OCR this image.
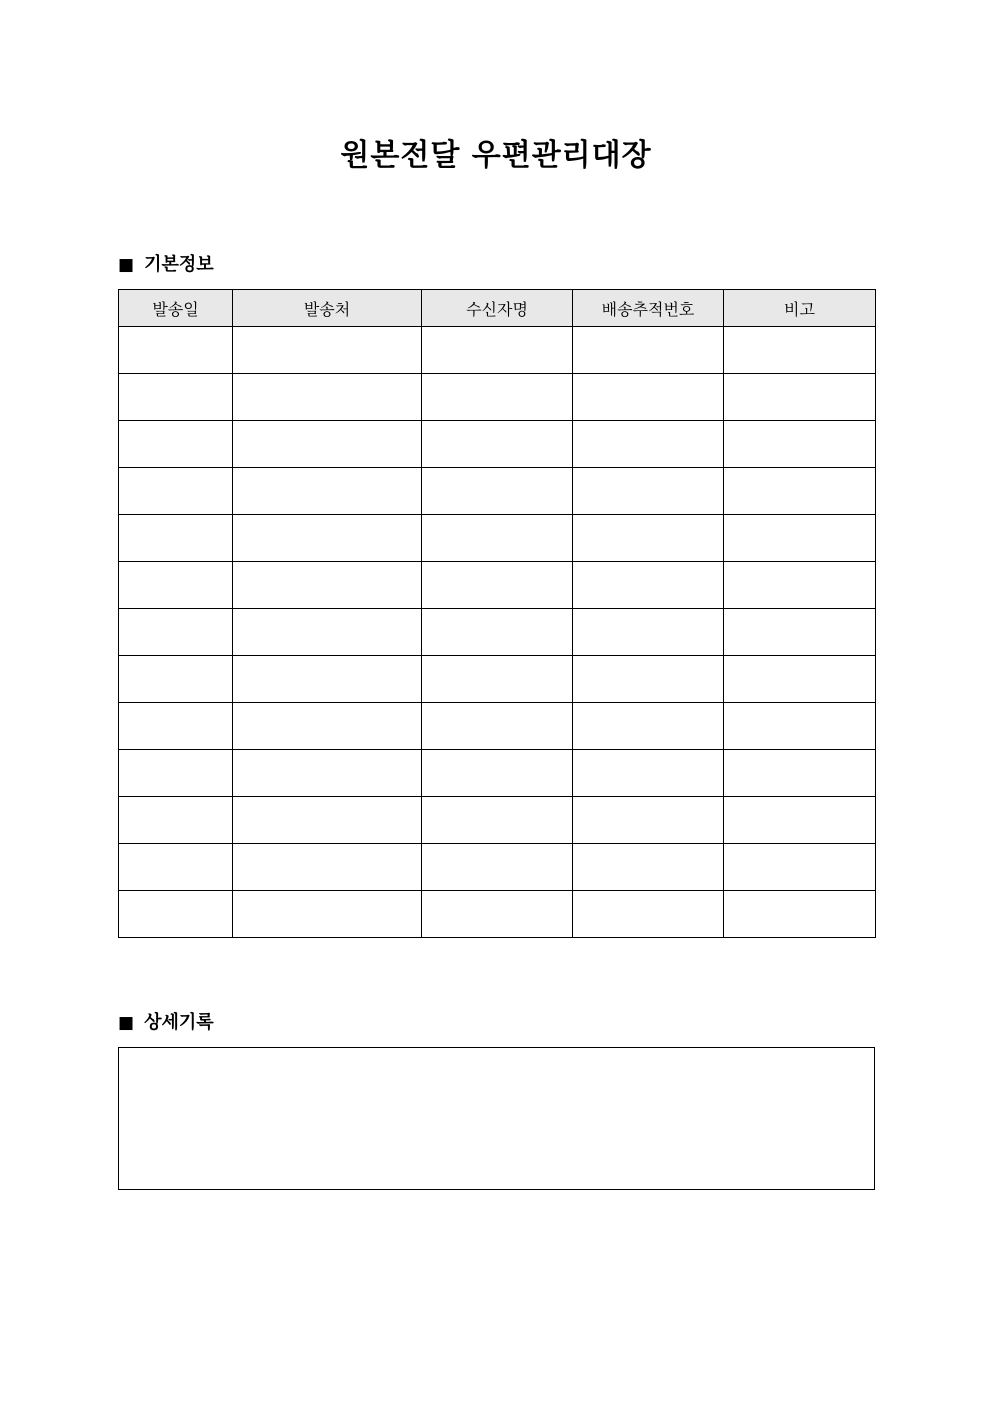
원본전달 우편관리대장
■ 기본정보
발송일	발송처	수신자명	배송추적번호	비고

■ 상세기록
